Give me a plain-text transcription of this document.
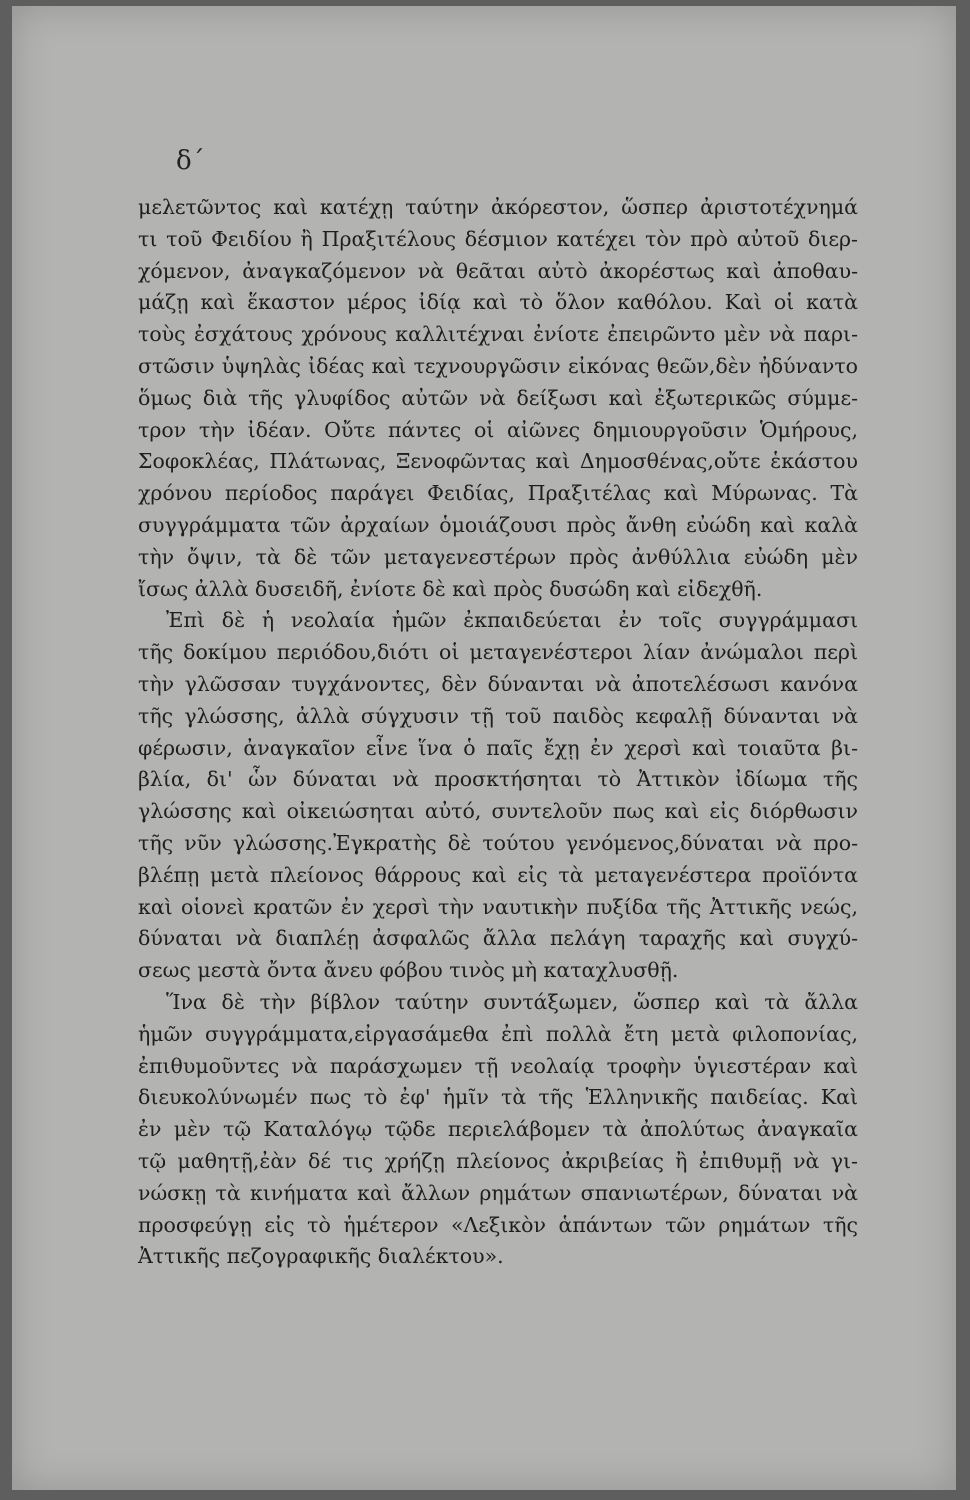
δ΄
μελετῶντος καὶ κατέχῃ ταύτην ἀκόρεστον, ὥσπερ ἀριστοτέχνημά
τι τοῦ Φειδίου ἢ Πραξιτέλους δέσμιον κατέχει τὸν πρὸ αὐτοῦ διερ-
χόμενον, ἀναγκαζόμενον νὰ θεᾶται αὐτὸ ἀκορέστως καὶ ἀποθαυ-
μάζῃ καὶ ἕκαστον μέρος ἰδίᾳ καὶ τὸ ὅλον καθόλου. Καὶ οἱ κατὰ
τοὺς ἐσχάτους χρόνους καλλιτέχναι ἐνίοτε ἐπειρῶντο μὲν νὰ παρι-
στῶσιν ὑψηλὰς ἰδέας καὶ τεχνουργῶσιν εἰκόνας θεῶν,δὲν ἠδύναντο
ὅμως διὰ τῆς γλυφίδος αὐτῶν νὰ δείξωσι καὶ ἐξωτερικῶς σύμμε-
τρον τὴν ἰδέαν. Οὔτε πάντες οἱ αἰῶνες δημιουργοῦσιν Ὁμήρους,
Σοφοκλέας, Πλάτωνας, Ξενοφῶντας καὶ Δημοσθένας,οὔτε ἑκάστου
χρόνου περίοδος παράγει Φειδίας, Πραξιτέλας καὶ Μύρωνας. Τὰ
συγγράμματα τῶν ἀρχαίων ὁμοιάζουσι πρὸς ἄνθη εὐώδη καὶ καλὰ
τὴν ὄψιν, τὰ δὲ τῶν μεταγενεστέρων πρὸς ἀνθύλλια εὐώδη μὲν
ἴσως ἀλλὰ δυσειδῆ, ἐνίοτε δὲ καὶ πρὸς δυσώδη καὶ εἰδεχθῆ.
Ἐπὶ δὲ ἡ νεολαία ἡμῶν ἐκπαιδεύεται ἐν τοῖς συγγράμμασι
τῆς δοκίμου περιόδου,διότι οἱ μεταγενέστεροι λίαν ἀνώμαλοι περὶ
τὴν γλῶσσαν τυγχάνοντες, δὲν δύνανται νὰ ἀποτελέσωσι κανόνα
τῆς γλώσσης, ἀλλὰ σύγχυσιν τῇ τοῦ παιδὸς κεφαλῇ δύνανται νὰ
φέρωσιν, ἀναγκαῖον εἶνε ἵνα ὁ παῖς ἔχῃ ἐν χερσὶ καὶ τοιαῦτα βι-
βλία, δι' ὧν δύναται νὰ προσκτήσηται τὸ Ἀττικὸν ἰδίωμα τῆς
γλώσσης καὶ οἰκειώσηται αὐτό, συντελοῦν πως καὶ εἰς διόρθωσιν
τῆς νῦν γλώσσης.Ἐγκρατὴς δὲ τούτου γενόμενος,δύναται νὰ προ-
βλέπῃ μετὰ πλείονος θάρρους καὶ εἰς τὰ μεταγενέστερα προϊόντα
καὶ οἱονεὶ κρατῶν ἐν χερσὶ τὴν ναυτικὴν πυξίδα τῆς Ἀττικῆς νεώς,
δύναται νὰ διαπλέῃ ἀσφαλῶς ἄλλα πελάγη ταραχῆς καὶ συγχύ-
σεως μεστὰ ὄντα ἄνευ φόβου τινὸς μὴ καταχλυσθῇ.
Ἵνα δὲ τὴν βίβλον ταύτην συντάξωμεν, ὥσπερ καὶ τὰ ἄλλα
ἡμῶν συγγράμματα,εἰργασάμεθα ἐπὶ πολλὰ ἔτη μετὰ φιλοπονίας,
ἐπιθυμοῦντες νὰ παράσχωμεν τῇ νεολαίᾳ τροφὴν ὑγιεστέραν καὶ
διευκολύνωμέν πως τὸ ἐφ' ἡμῖν τὰ τῆς Ἑλληνικῆς παιδείας. Καὶ
ἐν μὲν τῷ Καταλόγῳ τῷδε περιελάβομεν τὰ ἀπολύτως ἀναγκαῖα
τῷ μαθητῇ,ἐὰν δέ τις χρήζῃ πλείονος ἀκριβείας ἢ ἐπιθυμῇ νὰ γι-
νώσκῃ τὰ κινήματα καὶ ἄλλων ρημάτων σπανιωτέρων, δύναται νὰ
προσφεύγῃ εἰς τὸ ἡμέτερον «Λεξικὸν ἁπάντων τῶν ρημάτων τῆς
Ἀττικῆς πεζογραφικῆς διαλέκτου».
